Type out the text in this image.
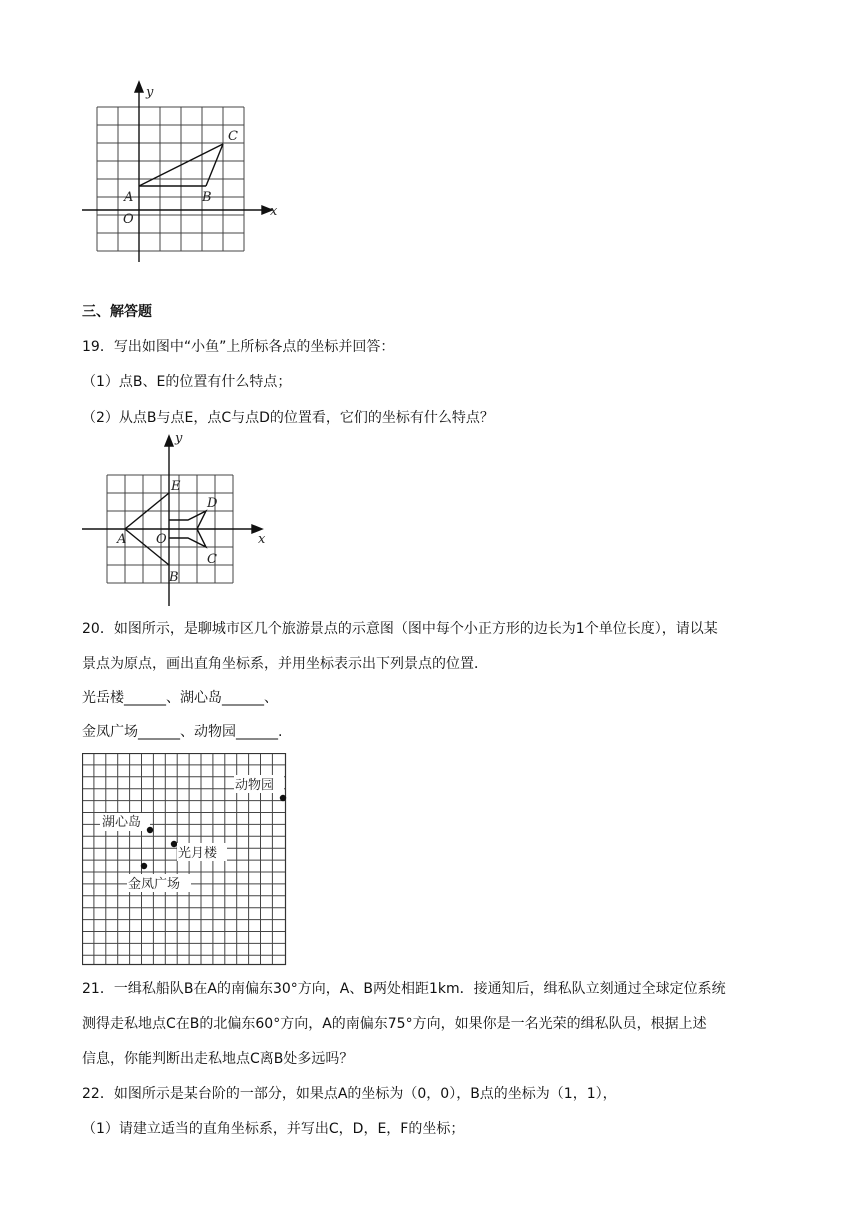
y
x
C
A	B
O

三、解答题

19．写出如图中“小鱼”上所标各点的坐标并回答：

（1）点B、E的位置有什么特点；

（2）从点B与点E，点C与点D的位置看，它们的坐标有什么特点？

y
x
E
D
A O
C
B

20．如图所示，是聊城市区几个旅游景点的示意图（图中每个小正方形的边长为1个单位长度），请以某

景点为原点，画出直角坐标系，并用坐标表示出下列景点的位置．

光岳楼______、湖心岛______、

金凤广场______、动物园______.

动物园
湖心岛
光月楼
金凤广场

21．一缉私船队B在A的南偏东30°方向，A、B两处相距1km．接通知后，缉私队立刻通过全球定位系统

测得走私地点C在B的北偏东60°方向，A的南偏东75°方向，如果你是一名光荣的缉私队员，根据上述

信息，你能判断出走私地点C离B处多远吗？

22．如图所示是某台阶的一部分，如果点A的坐标为（0，0），B点的坐标为（1，1），

（1）请建立适当的直角坐标系，并写出C，D，E，F的坐标；
